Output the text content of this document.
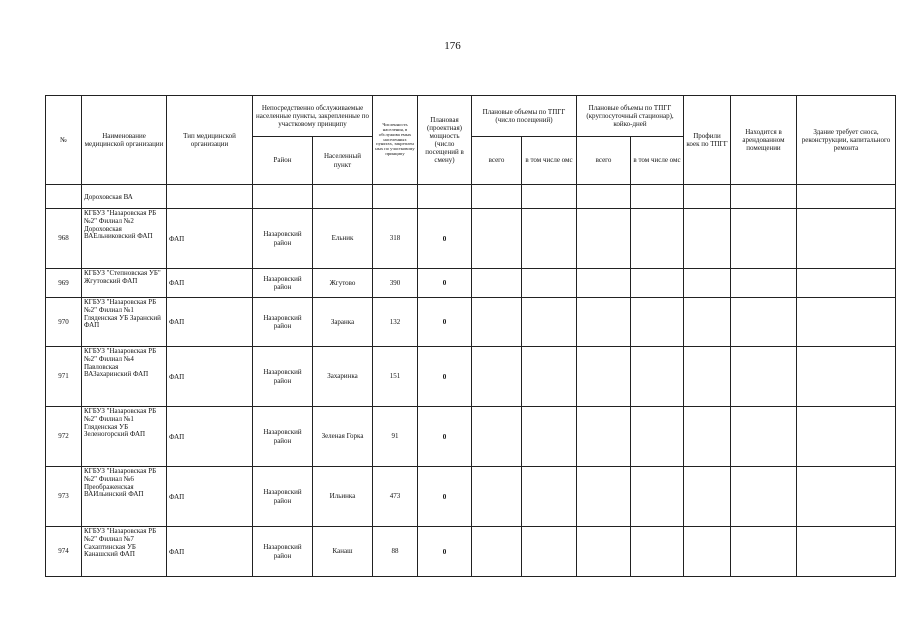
176
№	Наименование медицинской организации	Тип медицинской организации	Непосредственно обслуживаемые населенные пункты, закрепленные по участковому принципу		Численность населения, в обслужива емых населенных пунктах, закреплен ных по участковому принципу	Плановая (проектная) мощность (число посещений в смену)	Плановые объемы по ТПГГ (число посещений)		Плановые объемы по ТПГГ (круглосуточный стационар), койко-дней		Профили коек по ТПГГ	Находится в арендованном помещении	Здание требует сноса, реконструкции, капитального ремонта
			Район	Населенный пункт			всего	в том числе омс	всего	в том числе омс			
	Дороховская ВА												
968	КГБУЗ "Назаровская РБ №2" Филиал №2 Дороховская ВАЕльниковский ФАП	ФАП	Назаровский район	Ельник	318	0							
969	КГБУЗ "Степновская УБ" Жгутовский ФАП	ФАП	Назаровский район	Жгутово	390	0							
970	КГБУЗ "Назаровская РБ №2" Филиал №1 Гляденская УБ Заранский ФАП	ФАП	Назаровский район	Заранка	132	0							
971	КГБУЗ "Назаровская РБ №2" Филиал №4 Павловская ВАЗахаринский ФАП	ФАП	Назаровский район	Захаринка	151	0							
972	КГБУЗ "Назаровская РБ №2" Филиал №1 Гляденская УБ Зеленогорский ФАП	ФАП	Назаровский район	Зеленая Горка	91	0							
973	КГБУЗ "Назаровская РБ №2" Филиал №6 Преображенская ВАИльинский ФАП	ФАП	Назаровский район	Ильинка	473	0							
974	КГБУЗ "Назаровская РБ №2" Филиал №7 Сахаптинская УБ Канашский ФАП	ФАП	Назаровский район	Канаш	88	0							
